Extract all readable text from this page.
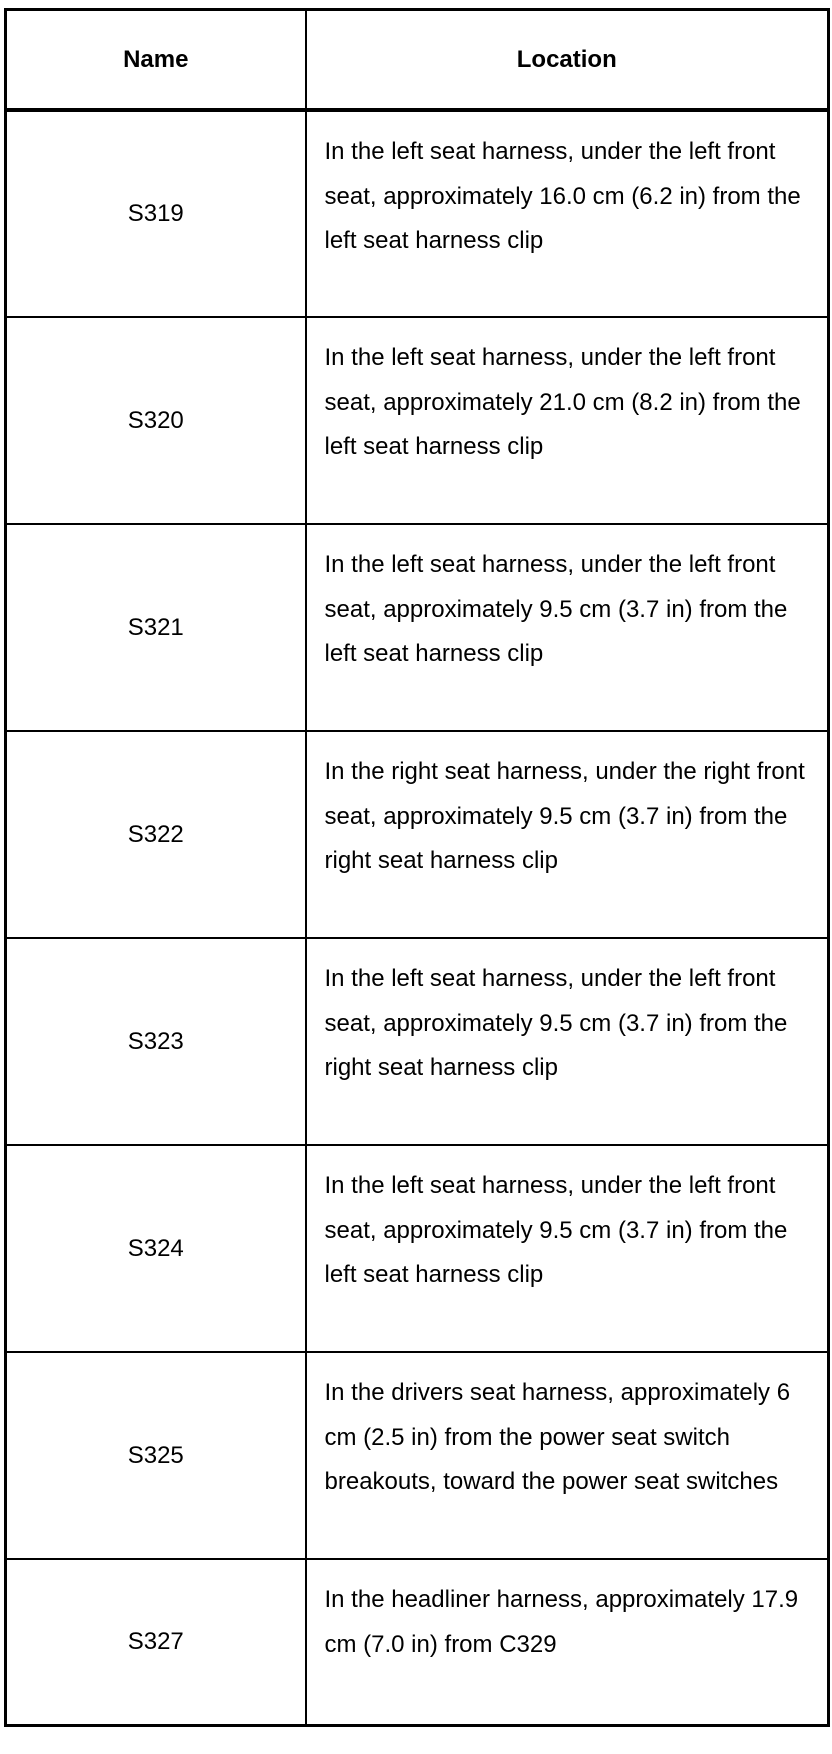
Name	Location
S319	In the left seat harness, under the left front seat, approximately 16.0 cm (6.2 in) from the left seat harness clip
S320	In the left seat harness, under the left front seat, approximately 21.0 cm (8.2 in) from the left seat harness clip
S321	In the left seat harness, under the left front seat, approximately 9.5 cm (3.7 in) from the left seat harness clip
S322	In the right seat harness, under the right front seat, approximately 9.5 cm (3.7 in) from the right seat harness clip
S323	In the left seat harness, under the left front seat, approximately 9.5 cm (3.7 in) from the right seat harness clip
S324	In the left seat harness, under the left front seat, approximately 9.5 cm (3.7 in) from the left seat harness clip
S325	In the drivers seat harness, approximately 6 cm (2.5 in) from the power seat switch breakouts, toward the power seat switches
S327	In the headliner harness, approximately 17.9 cm (7.0 in) from C329
